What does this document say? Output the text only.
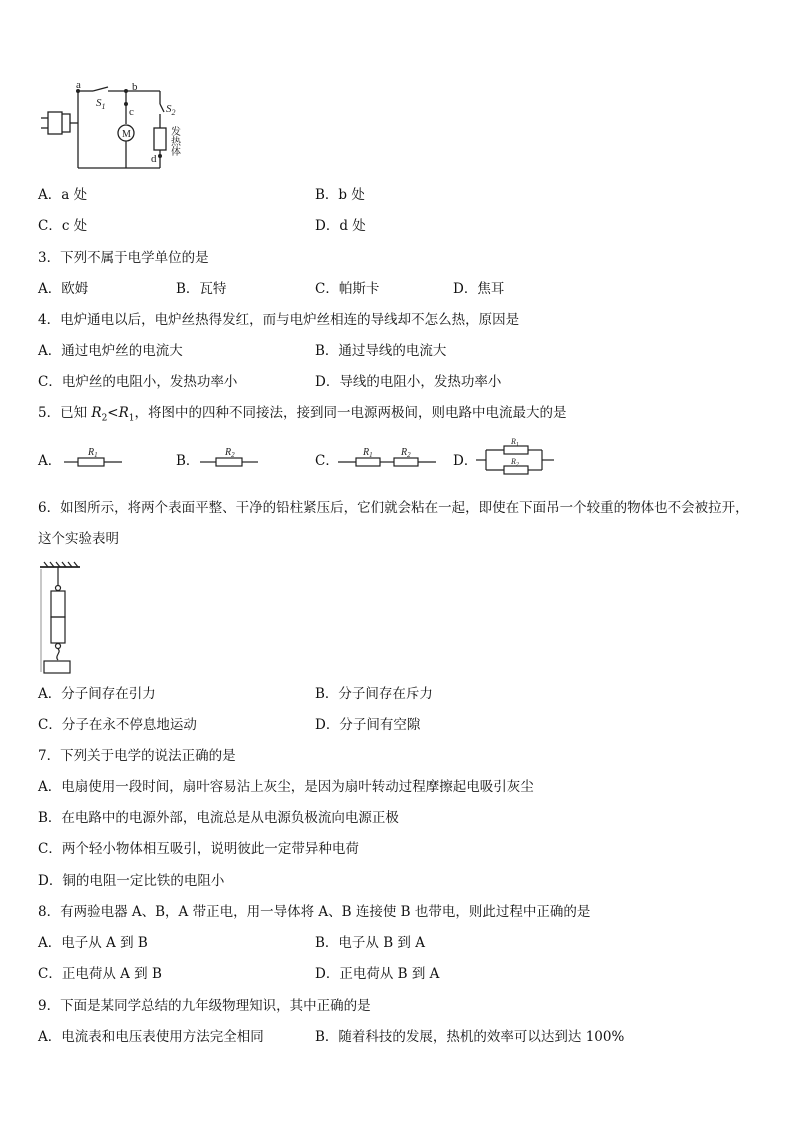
a	b
c
d
$S_1$	$S_2$
M	发热体
A．a 处	B．b 处
C．c 处	D．d 处
3．下列不属于电学单位的是
A．欧姆	B．瓦特	C．帕斯卡	D．焦耳
4．电炉通电以后，电炉丝热得发红，而与电炉丝相连的导线却不怎么热，原因是
A．通过电炉丝的电流大	B．通过导线的电流大
C．电炉丝的电阻小，发热功率小	D．导线的电阻小，发热功率小
5．已知 $R_2<R_1$，将图中的四种不同接法，接到同一电源两极间，则电路中电流最大的是
A．
$R_1$	B．
$R_2$	C．
$R_1$	$R_2$	D．
$R_1$
$R_2$
6．如图所示，将两个表面平整、干净的铅柱紧压后，它们就会粘在一起，即使在下面吊一个较重的物体也不会被拉开，
这个实验表明
A．分子间存在引力	B．分子间存在斥力
C．分子在永不停息地运动	D．分子间有空隙
7．下列关于电学的说法正确的是
A．电扇使用一段时间，扇叶容易沾上灰尘，是因为扇叶转动过程摩擦起电吸引灰尘
B．在电路中的电源外部，电流总是从电源负极流向电源正极
C．两个轻小物体相互吸引，说明彼此一定带异种电荷
D．铜的电阻一定比铁的电阻小
8．有两验电器 A、B，A 带正电，用一导体将 A、B 连接使 B 也带电，则此过程中正确的是
A．电子从 A 到 B	B．电子从 B 到 A
C．正电荷从 A 到 B	D．正电荷从 B 到 A
9．下面是某同学总结的九年级物理知识，其中正确的是
A．电流表和电压表使用方法完全相同	B．随着科技的发展，热机的效率可以达到达 100%
